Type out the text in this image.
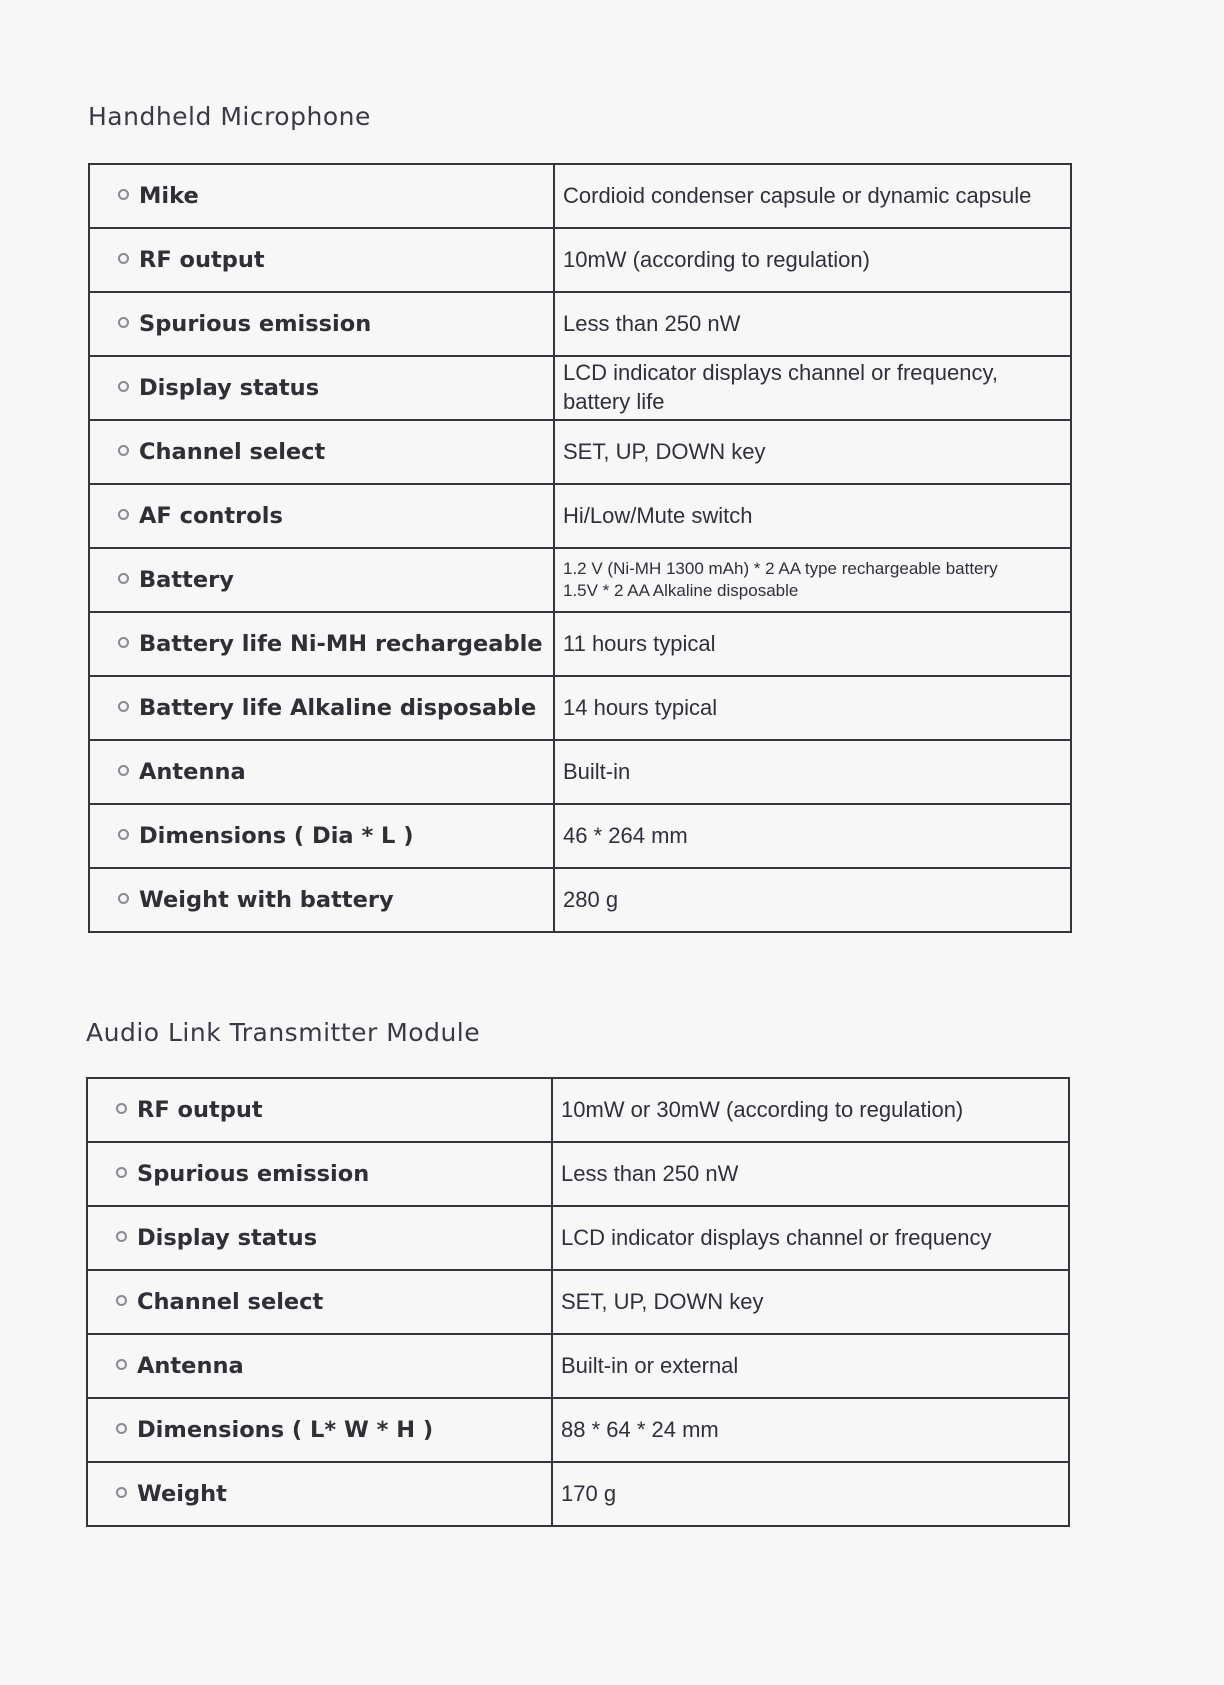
Handheld Microphone
Mike	Cordioid condenser capsule or dynamic capsule

RF output	10mW (according to regulation)

Spurious emission	Less than 250 nW

Display status	LCD indicator displays channel or frequency,
battery life

Channel select	SET, UP, DOWN key

AF controls	Hi/Low/Mute switch

Battery	1.2 V (Ni-MH 1300 mAh) * 2 AA type rechargeable battery
1.5V * 2 AA Alkaline disposable

Battery life Ni-MH rechargeable	11 hours typical

Battery life Alkaline disposable	14 hours typical

Antenna	Built-in

Dimensions ( Dia * L )	46 * 264 mm

Weight with battery	280 g
Audio Link Transmitter Module
RF output	10mW or 30mW (according to regulation)

Spurious emission	Less than 250 nW

Display status	LCD indicator displays channel or frequency

Channel select	SET, UP, DOWN key

Antenna	Built-in or external

Dimensions ( L* W * H )	88 * 64 * 24 mm

Weight	170 g
